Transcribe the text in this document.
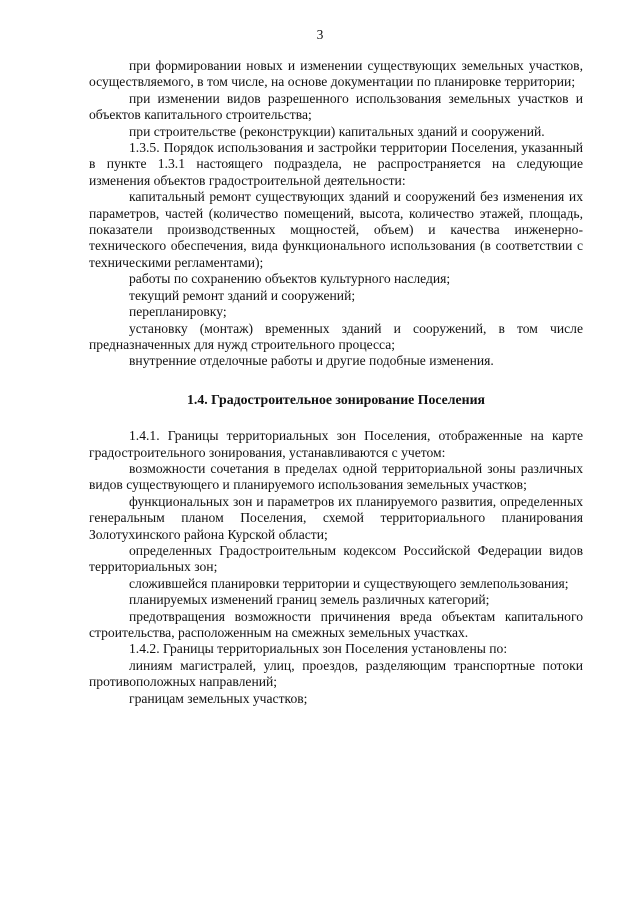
3

при формировании новых и изменении существующих земельных участков, осуществляемого, в том числе, на основе документации по планировке территории;

при изменении видов разрешенного использования земельных участков и объектов капитального строительства;

при строительстве (реконструкции) капитальных зданий и сооружений.

1.3.5. Порядок использования и застройки территории Поселения, указанный в пункте 1.3.1 настоящего подраздела, не распространяется на следующие изменения объектов градостроительной деятельности:

капитальный ремонт существующих зданий и сооружений без изменения их параметров, частей (количество помещений, высота, количество этажей, площадь, показатели производственных мощностей, объем) и качества инженерно-технического обеспечения, вида функционального использования (в соответствии с техническими регламентами);

работы по сохранению объектов культурного наследия;

текущий ремонт зданий и сооружений;

перепланировку;

установку (монтаж) временных зданий и сооружений, в том числе предназначенных для нужд строительного процесса;

внутренние отделочные работы и другие подобные изменения.

1.4. Градостроительное зонирование Поселения

1.4.1. Границы территориальных зон Поселения, отображенные на карте градостроительного зонирования, устанавливаются с учетом:

возможности сочетания в пределах одной территориальной зоны различных видов существующего и планируемого использования земельных участков;

функциональных зон и параметров их планируемого развития, определенных генеральным планом Поселения, схемой территориального планирования Золотухинского района Курской области;

определенных Градостроительным кодексом Российской Федерации видов территориальных зон;

сложившейся планировки территории и существующего землепользования;

планируемых изменений границ земель различных категорий;

предотвращения возможности причинения вреда объектам капитального строительства, расположенным на смежных земельных участках.

1.4.2. Границы территориальных зон Поселения установлены по:

линиям магистралей, улиц, проездов, разделяющим транспортные потоки противоположных направлений;

границам земельных участков;
